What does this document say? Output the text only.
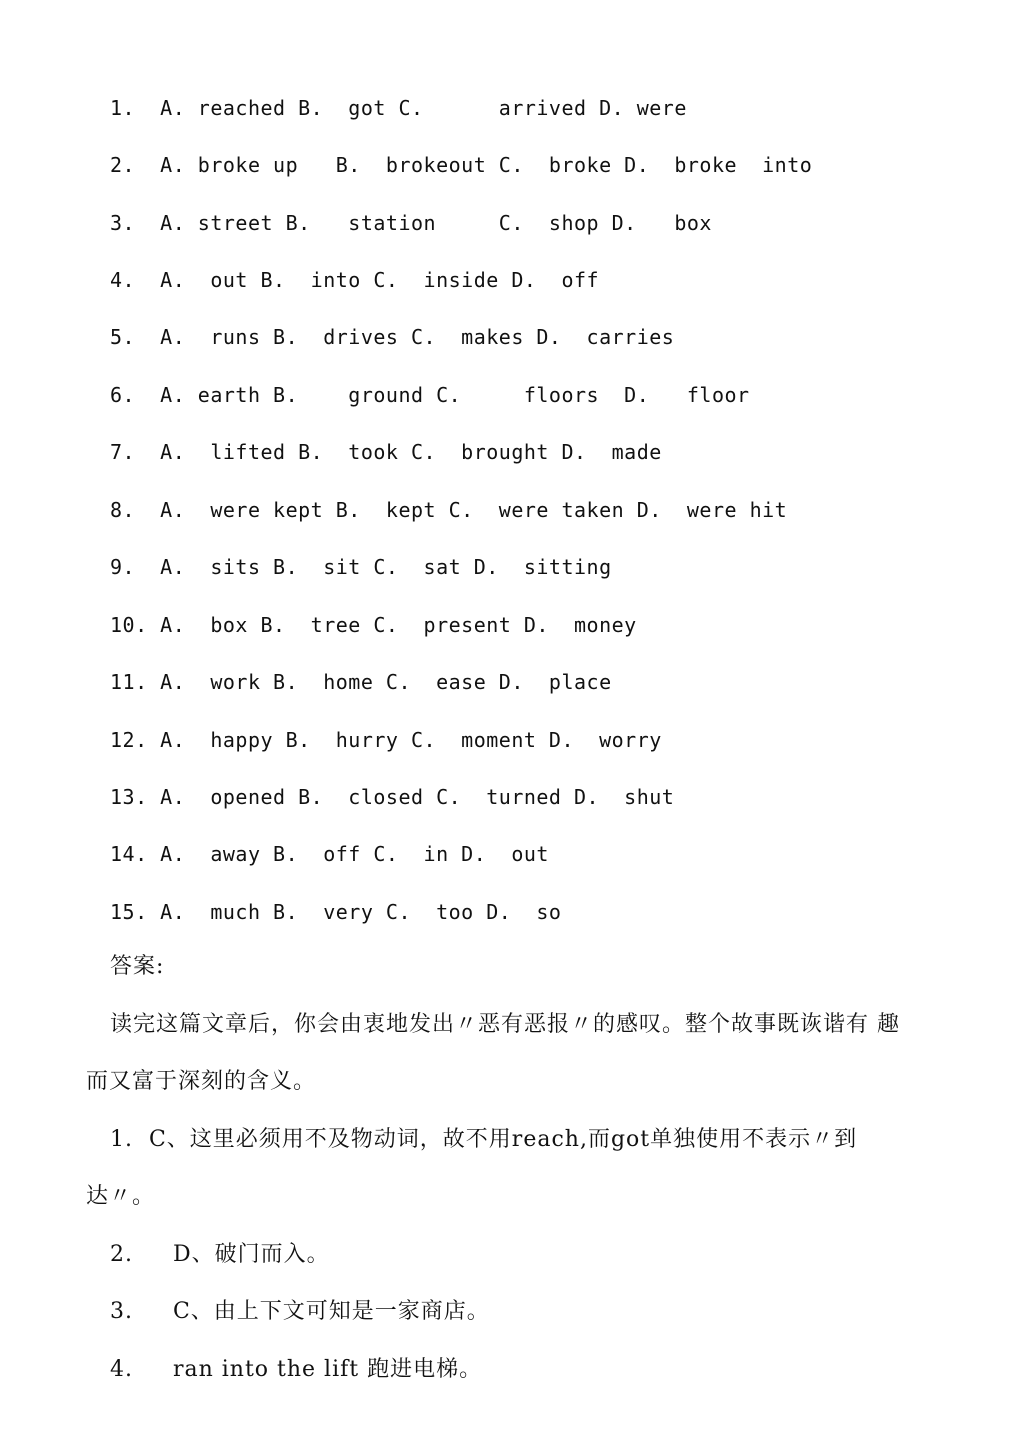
1.  A. reached B.  got C.      arrived D. were
2.  A. broke up   B.  brokeout C.  broke D.  broke  into
3.  A. street B.   station     C.  shop D.   box
4.  A.  out B.  into C.  inside D.  off
5.  A.  runs B.  drives C.  makes D.  carries
6.  A. earth B.    ground C.     floors  D.   floor
7.  A.  lifted B.  took C.  brought D.  made
8.  A.  were kept B.  kept C.  were taken D.  were hit
9.  A.  sits B.  sit C.  sat D.  sitting
10. A.  box B.  tree C.  present D.  money
11. A.  work B.  home C.  ease D.  place
12. A.  happy B.  hurry C.  moment D.  worry
13. A.  opened B.  closed C.  turned D.  shut
14. A.  away B.  off C.  in D.  out
15. A.  much B.  very C.  too D.  so
答案:
读完这篇文章后，你会由衷地发出〃恶有恶报〃的感叹。整个故事既诙谐有 趣
而又富于深刻的含义。
1.  C、这里必须用不及物动词，故不用reach,而got单独使用不表示〃到
达〃。
2.     D、破门而入。
3.     C、由上下文可知是一家商店。
4.     ran into the lift 跑进电梯。
